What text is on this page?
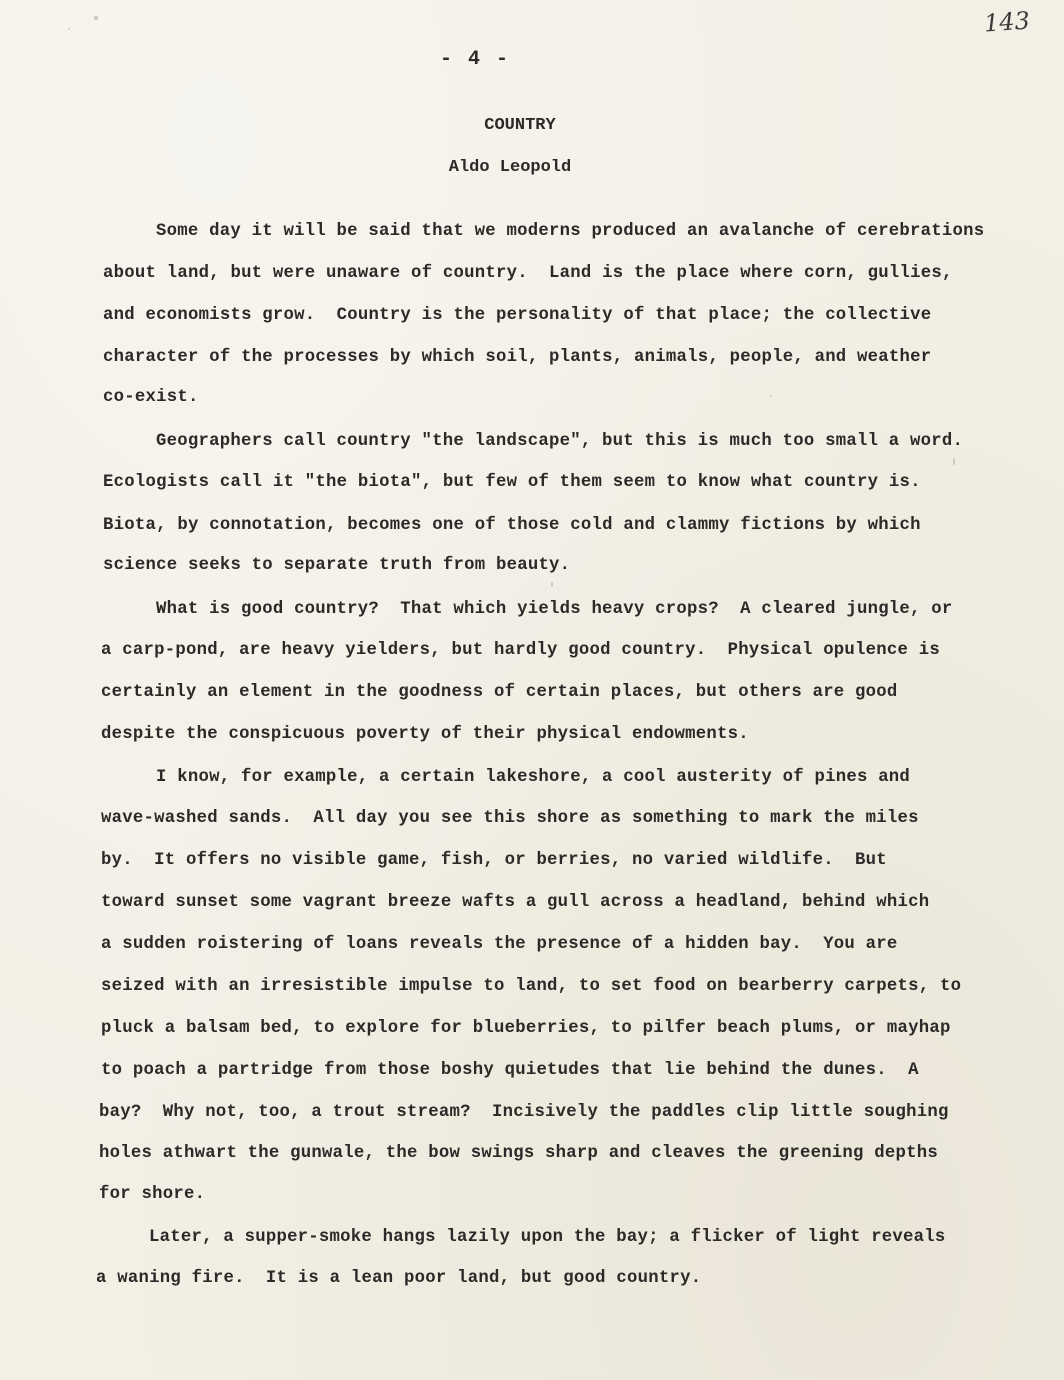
143
- 4 -
COUNTRY
Aldo Leopold
Some day it will be said that we moderns produced an avalanche of cerebrations
about land, but were unaware of country.  Land is the place where corn, gullies,
and economists grow.  Country is the personality of that place; the collective
character of the processes by which soil, plants, animals, people, and weather
co-exist.
Geographers call country "the landscape", but this is much too small a word.
Ecologists call it "the biota", but few of them seem to know what country is.
Biota, by connotation, becomes one of those cold and clammy fictions by which
science seeks to separate truth from beauty.
What is good country?  That which yields heavy crops?  A cleared jungle, or
a carp-pond, are heavy yielders, but hardly good country.  Physical opulence is
certainly an element in the goodness of certain places, but others are good
despite the conspicuous poverty of their physical endowments.
I know, for example, a certain lakeshore, a cool austerity of pines and
wave-washed sands.  All day you see this shore as something to mark the miles
by.  It offers no visible game, fish, or berries, no varied wildlife.  But
toward sunset some vagrant breeze wafts a gull across a headland, behind which
a sudden roistering of loans reveals the presence of a hidden bay.  You are
seized with an irresistible impulse to land, to set food on bearberry carpets, to
pluck a balsam bed, to explore for blueberries, to pilfer beach plums, or mayhap
to poach a partridge from those boshy quietudes that lie behind the dunes.  A
bay?  Why not, too, a trout stream?  Incisively the paddles clip little soughing
holes athwart the gunwale, the bow swings sharp and cleaves the greening depths
for shore.
Later, a supper-smoke hangs lazily upon the bay; a flicker of light reveals
a waning fire.  It is a lean poor land, but good country.
